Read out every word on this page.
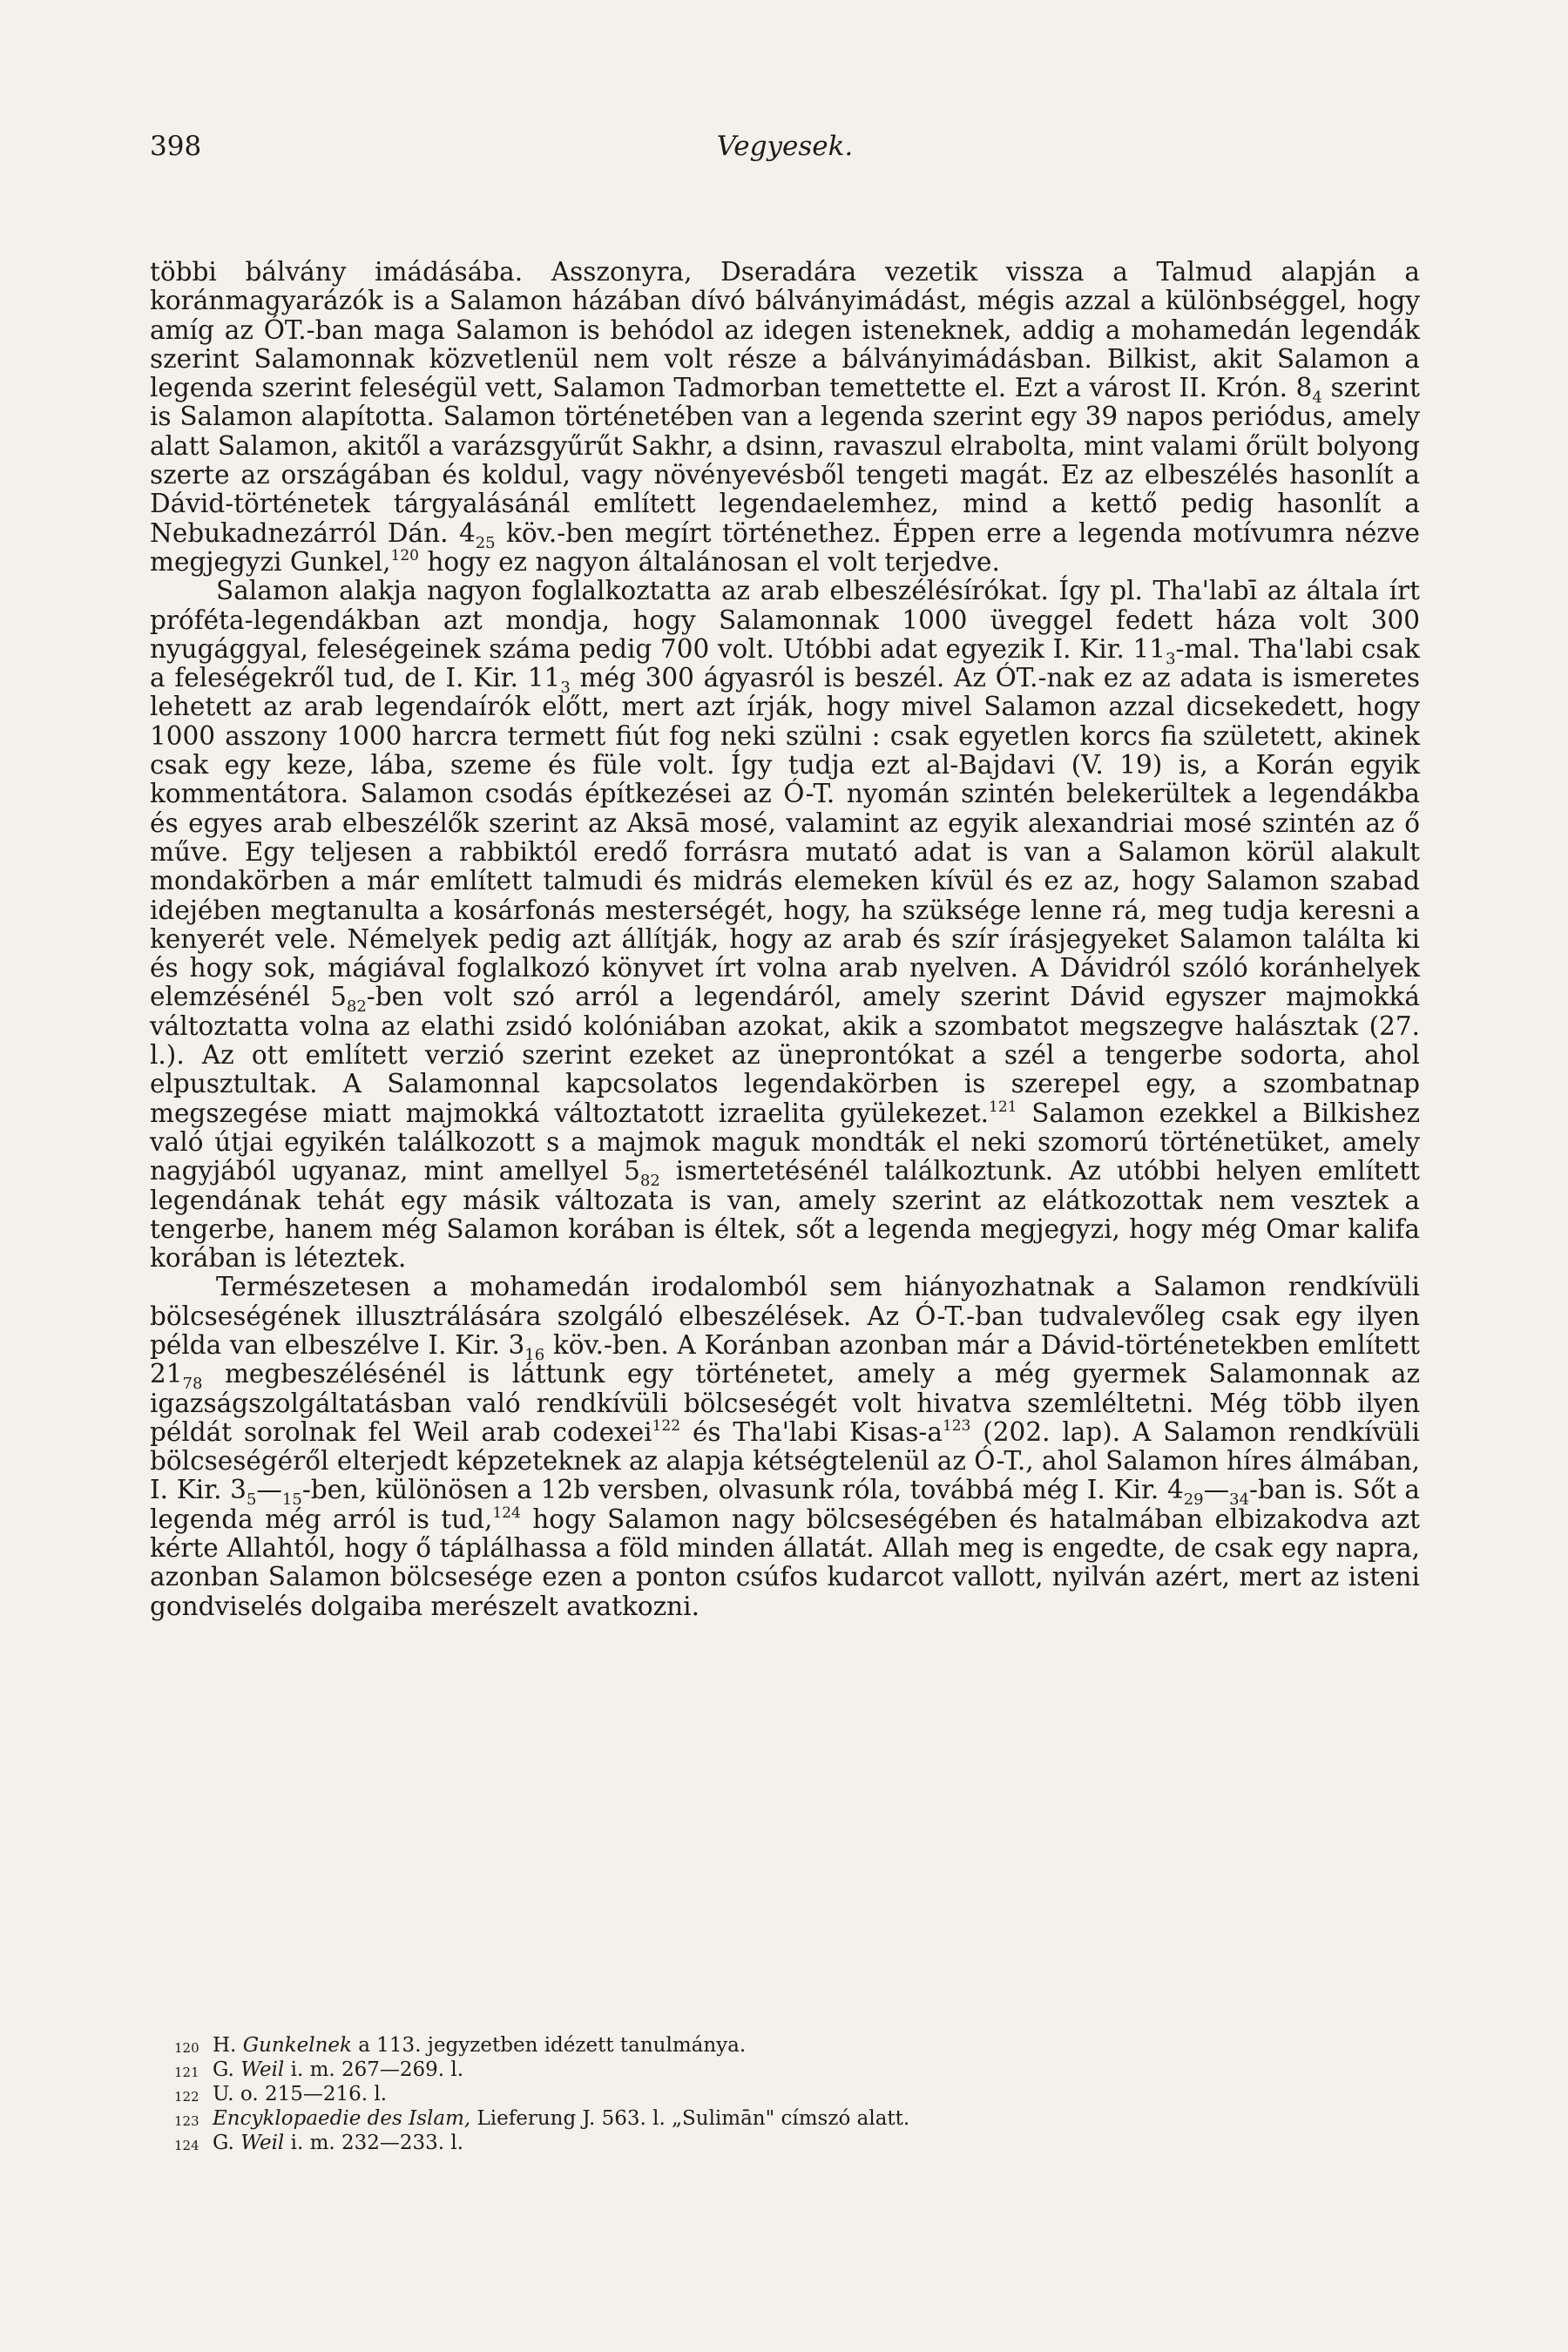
398	Vegyesek.

többi bálvány imádásába. Asszonyra, Dseradára vezetik vissza a Talmud alapján a koránmagyarázók is a Salamon házában dívó bálványimádást, mégis azzal a különbséggel, hogy amíg az ÓT.-ban maga Salamon is behódol az idegen isteneknek, addig a mohamedán legendák szerint Salamonnak közvetlenül nem volt része a bálványimádásban. Bilkist, akit Salamon a legenda szerint feleségül vett, Salamon Tadmorban temettette el. Ezt a várost II. Krón. $8_4$ szerint is Salamon alapította. Salamon történetében van a legenda szerint egy 39 napos periódus, amely alatt Salamon, akitől a varázsgyűrűt Sakhr, a dsinn, ravaszul elrabolta, mint valami őrült bolyong szerte az országában és koldul, vagy növényevésből tengeti magát. Ez az elbeszélés hasonlít a Dávid-történetek tárgyalásánál említett legendaelemhez, mind a kettő pedig hasonlít a Nebukadnezárról Dán. $4_{25}$ köv.-ben megírt történethez. Éppen erre a legenda motívumra nézve megjegyzi Gunkel,$^{120}$ hogy ez nagyon általánosan el volt terjedve.

Salamon alakja nagyon foglalkoztatta az arab elbeszélésírókat. Így pl. Tha'labī az általa írt próféta-legendákban azt mondja, hogy Salamonnak 1000 üveggel fedett háza volt 300 nyugággyal, feleségeinek száma pedig 700 volt. Utóbbi adat egyezik I. Kir. $11_3$-mal. Tha'labi csak a feleségekről tud, de I. Kir. $11_3$ még 300 ágyasról is beszél. Az ÓT.-nak ez az adata is ismeretes lehetett az arab legendaírók előtt, mert azt írják, hogy mivel Salamon azzal dicsekedett, hogy 1000 asszony 1000 harcra termett fiút fog neki szülni : csak egyetlen korcs fia született, akinek csak egy keze, lába, szeme és füle volt. Így tudja ezt al-Bajdavi (V. 19) is, a Korán egyik kommentátora. Salamon csodás építkezései az Ó-T. nyomán szintén belekerültek a legendákba és egyes arab elbeszélők szerint az Aksā mosé, valamint az egyik alexandriai mosé szintén az ő műve. Egy teljesen a rabbiktól eredő forrásra mutató adat is van a Salamon körül alakult mondakörben a már említett talmudi és midrás elemeken kívül és ez az, hogy Salamon szabad idejében megtanulta a kosárfonás mesterségét, hogy, ha szüksége lenne rá, meg tudja keresni a kenyerét vele. Némelyek pedig azt állítják, hogy az arab és szír írásjegyeket Salamon találta ki és hogy sok, mágiával foglalkozó könyvet írt volna arab nyelven. A Dávidról szóló koránhelyek elemzésénél $5_{82}$-ben volt szó arról a legendáról, amely szerint Dávid egyszer majmokká változtatta volna az elathi zsidó kolóniában azokat, akik a szombatot megszegve halásztak (27. l.). Az ott említett verzió szerint ezeket az üneprontókat a szél a tengerbe sodorta, ahol elpusztultak. A Salamonnal kapcsolatos legendakörben is szerepel egy, a szombatnap megszegése miatt majmokká változtatott izraelita gyülekezet.$^{121}$ Salamon ezekkel a Bilkishez való útjai egyikén találkozott s a majmok maguk mondták el neki szomorú történetüket, amely nagyjából ugyanaz, mint amellyel $5_{82}$ ismertetésénél találkoztunk. Az utóbbi helyen említett legendának tehát egy másik változata is van, amely szerint az elátkozottak nem vesztek a tengerbe, hanem még Salamon korában is éltek, sőt a legenda megjegyzi, hogy még Omar kalifa korában is léteztek.

Természetesen a mohamedán irodalomból sem hiányozhatnak a Salamon rendkívüli bölcseségének illusztrálására szolgáló elbeszélések. Az Ó-T.-ban tudvalevőleg csak egy ilyen példa van elbeszélve I. Kir. $3_{16}$ köv.-ben. A Koránban azonban már a Dávid-történetekben említett $21_{78}$ megbeszélésénél is láttunk egy történetet, amely a még gyermek Salamonnak az igazságszolgáltatásban való rendkívüli bölcseségét volt hivatva szemléltetni. Még több ilyen példát sorolnak fel Weil arab codexei$^{122}$ és Tha'labi Kisas-$a^{123}$ (202. lap). A Salamon rendkívüli bölcseségéről elterjedt képzeteknek az alapja kétségtelenül az Ó-T., ahol Salamon híres álmában, I. Kir. $3_5—_{15}$-ben, különösen a 12b versben, olvasunk róla, továbbá még I. Kir. $4_{29}—_{34}$-ban is. Sőt a legenda még arról is tud,$^{124}$ hogy Salamon nagy bölcseségében és hatalmában elbizakodva azt kérte Allahtól, hogy ő táplálhassa a föld minden állatát. Allah meg is engedte, de csak egy napra, azonban Salamon bölcsesége ezen a ponton csúfos kudarcot vallott, nyilván azért, mert az isteni gondviselés dolgaiba merészelt avatkozni.

120 H. Gunkelnek a 113. jegyzetben idézett tanulmánya.
121 G. Weil i. m. 267—269. l.
122 U. o. 215—216. l.
123 Encyklopaedie des Islam, Lieferung J. 563. l. „Sulimān" címszó alatt.
124 G. Weil i. m. 232—233. l.
